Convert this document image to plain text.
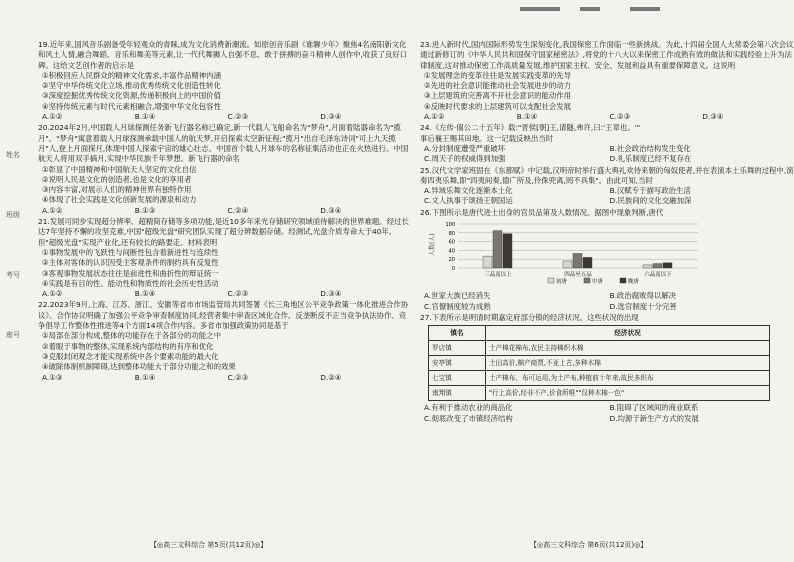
姓名
班级
考号
座号
19.近年来,国风音乐剧备受年轻观众的青睐,成为文化消费新潮流。如原创音乐剧《谁聊少年》聚焦4名南阳新文化和风土人情,融合舞蹈、音乐和舞美等元素,让一代代舞狮人自强不息、敢于拼搏的奋斗精神人创作中,收获了良好口碑。这给文艺创作者的启示是
①积极回应人民群众的精神文化需求,丰富作品精神内涵
②坚守中华传统文化立场,推动优秀传统文化创造性转化
③深度挖掘优秀传统文化资源,传递积极向上的中国价值
④坚持传统元素与时代元素相融合,增强中华文化包容性
A.①②	B.①④	C.②③	D.③④
20.2024年2月,中国载人月球探测任务新飞行器名称已确定,新一代载人飞船命名为"梦舟",月面着陆器命名为"揽月"。"梦舟"寓意着载人月球探测承载中国人的航天梦,开启探索太空新征程;"揽月"出自毛泽东诗词"可上九天揽月"人,登上月面探月,体现中国人探索宇宙的雄心壮志。中国首个载人月球车的名称征集活动也正在火热进行。中国航天人将用双手摘月,实现中华民族千年梦想。新飞行器的命名
①彰显了中国精神和中国航天人坚定的文化自信
②说明人民是文化的创造者,也是文化的享用者
③内容丰富,对展示人们的精神世界有独特作用
④体现了社会实践是文化创新发展的源泉和动力
A.①②	B.①③	C.②④	D.③④
21.发展可同步实现超分辨率、超精简存储等多项功能,是近10多年来光存储研究领域亟待解决的世界难题。经过长达7年坚持不懈的攻坚克难,中国"超级光盘"研究团队实现了超分辨数据存储。经测试,光盘介质寿命大于40年。但"超级光盘"实现产业化,还有较长的路要走。材料表明
①事物发展中的飞跃性与间断性包含着新进性与连续性
②主体对客体的认识因受主客观条件的制约具有反复性
③客观事物发展状态往往是前进性和曲折性的辩证统一
④实践是有目的性、能动性和物质性的社会历史性活动
A.①②	B.①④	C.②③	D.③④
22.2023年9月,上海、江苏、浙江、安徽等省市市场监管局共同签署《长三角地区公平竞争政策一体化推进合作协议》。合作协议明确了加强公平竞争审查制度协同,经营者集中审查区域化合作、反垄断反不正当竞争执法协作、竞争倡导工作整体性推进等4个方面14项合作内容。多省市加强政策协同是基于
①局部在部分构成,整体的功能存在于各部分的功能之中
②着眼于事物的整体,实现系统内部结构的有序和优化
③克服封闭观念才能实现系统中各个要素功能的最大化
④破除体制机制障碍,达到整体功能大于部分功能之和的效果
A.①③	B.①④	C.②③	D.②④
【◎高三文科综合 第5页(共12页)◎】
23.进入新时代,国内国际形势发生深刻变化,我国保密工作面临一些新挑战。为此,十四届全国人大常委会第八次会议通过新修订的《中华人民共和国保守国家秘密法》,将党的十八大以来保密工作成熟有效的做法和实践经验上升为法律制度,这对推动保密工作高质量发展,维护国家主权、安全、发展利益具有重要保障意义。这说明
①发展理念的变革往往是发展实践变革的先导
②先进的社会意识能推动社会发展进步的动力
③上层建筑的完善离不开社会意识的能动作用
④反映时代要求的上层建筑可以支配社会发展
A.①②	B.①④	C.②③	D.③④
24.《左传·僖公二十五年》载:"晋侯[朝]王,请隧,弗许,曰:'王章也。'"
事后襄王赐其田地。这一记载反映出当时
A.分封制度遭受严重破坏	B.社会政治结构发生变化
C.周天子的权威得到加强	D.礼乐制度已经不复存在
25.汉代文学家班固在《东都赋》中记载,汉明帝时举行盛大典礼欢待来朝的匈奴使者,并在表演本土乐舞的过程中,演奏四夷乐舞,即"四夷间奏,德广所及,伶侏兜离,罔不具集"。由此可知,当时
A.异域乐舞文化逐渐本土化	B.汉赋专于描写政治生活
C.文人执事于颂扬王朝国运	D.民族间的文化交融加深
26.下图所示是唐代进士出身的官员品第及人数情况。据图中现象判断,唐代
人数(人)
0
20
40
60
80
100
三品及以上	四品至五品	六品及以下
初唐	中唐	晚唐
A.世家大族已经消失	B.政治腐败得以解决
C.官僚制度较为成熟	D.选官制度十分完善
27.下表所示是明清时期嘉定府部分镇的经济状况。这些状况的出现
镇名	经济状况
罗店镇	土产棉花棉布,农民主持棉织木棉
安亭镇	土田高价,棉产商贾,不亚上古,多种木棉
七宝镇	土产棉布、布可运用,为土产布,种植前十年来,故民多织布
南翔镇	"行上高价,经非不产,价食所唯""仅种木棉一色"
A.有利于推动农业的商品化	B.阻碍了区域间的商业联系
C.彻底改变了市镇经济结构	D.均源于新生产方式的发展
【◎高三文科综合 第6页(共12页)◎】
